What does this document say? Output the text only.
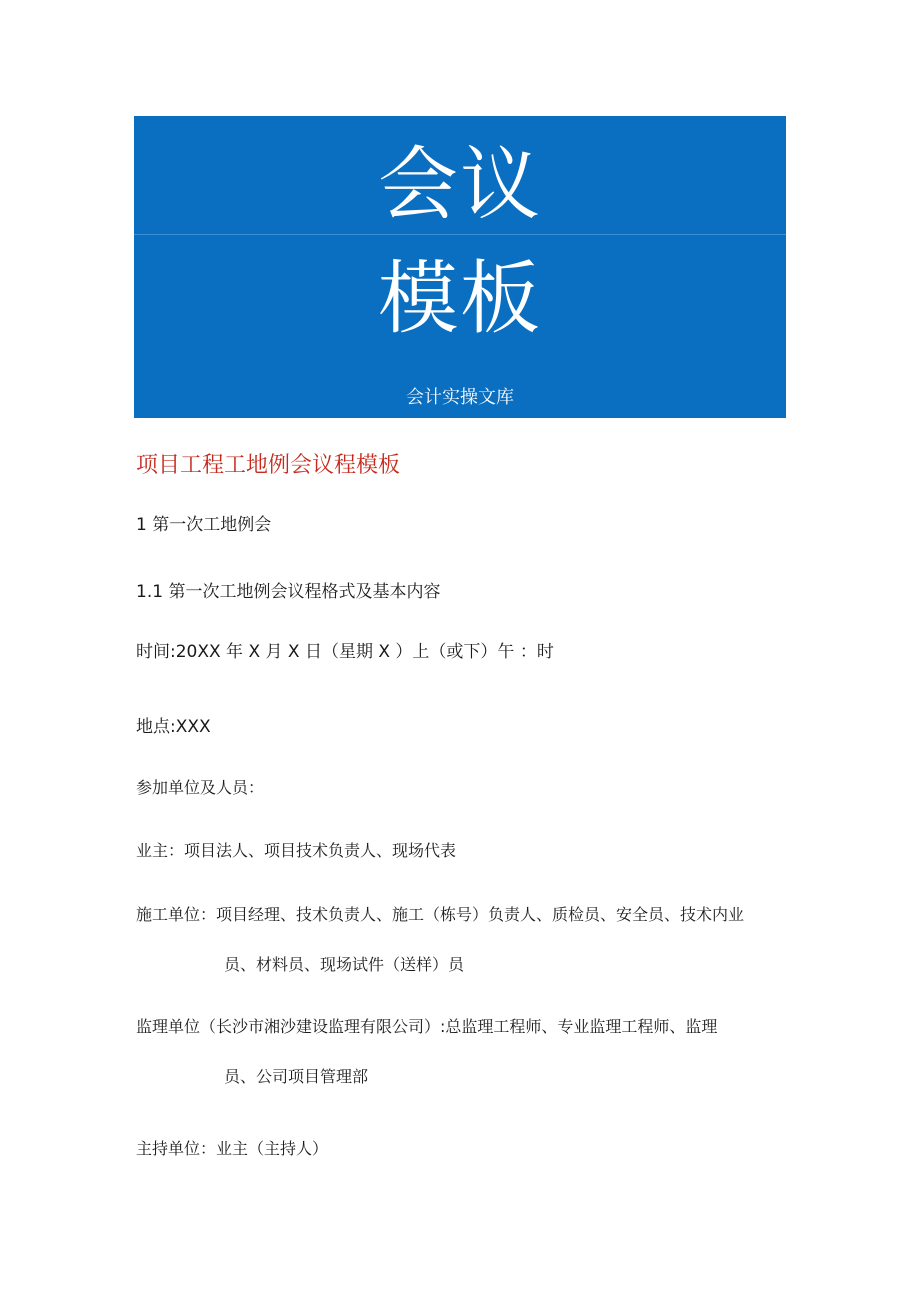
会议
模板
会计实操文库
项目工程工地例会议程模板
1 第一次工地例会
1.1 第一次工地例会议程格式及基本内容
时间:20XX 年 X 月 X 日（星期 X ）上（或下）午 ：时
地点:XXX
参加单位及人员：
业主：项目法人、项目技术负责人、现场代表
施工单位：项目经理、技术负责人、施工（栋号）负责人、质检员、安全员、技术内业
员、材料员、现场试件（送样）员
监理单位（长沙市湘沙建设监理有限公司）:总监理工程师、专业监理工程师、监理
员、公司项目管理部
主持单位：业主（主持人）
